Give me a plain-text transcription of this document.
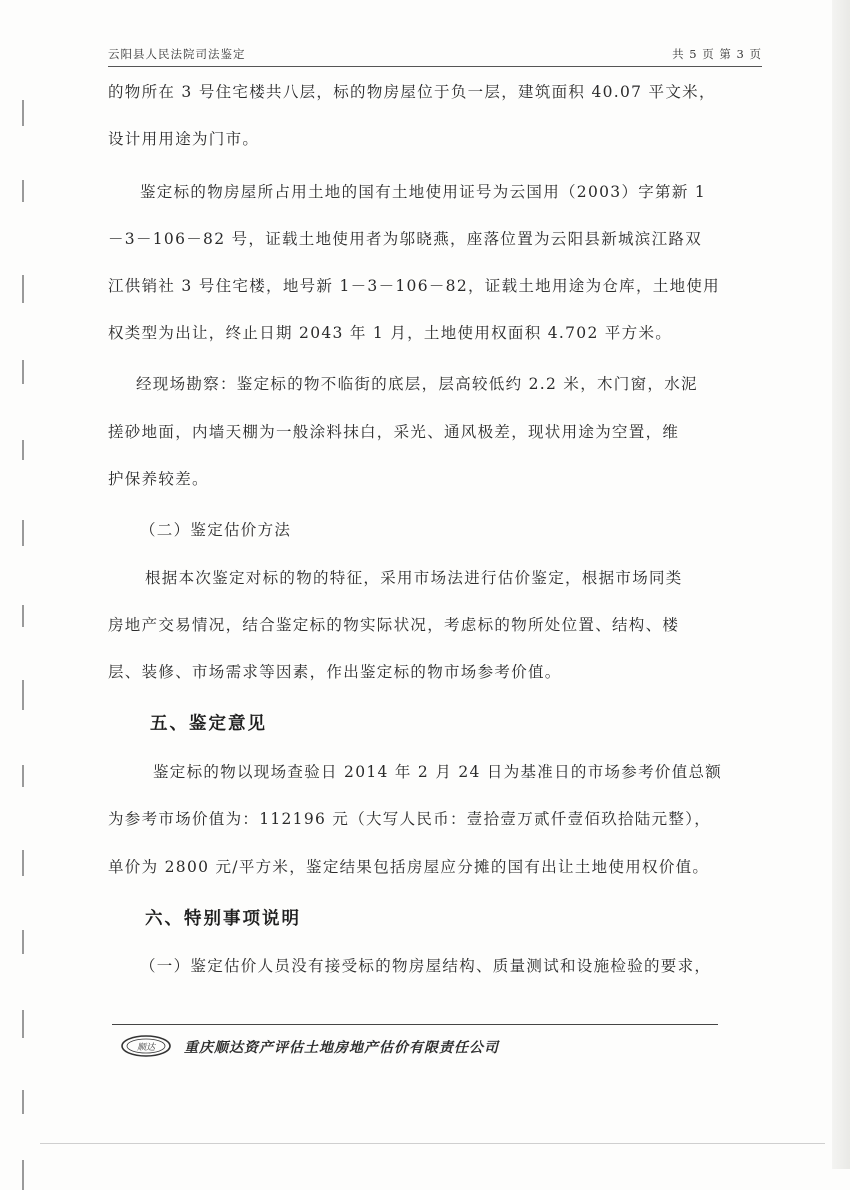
云阳县人民法院司法鉴定	共 5 页 第 3 页
的物所在 3 号住宅楼共八层，标的物房屋位于负一层，建筑面积 40.07 平文米，
设计用用途为门市。
鉴定标的物房屋所占用土地的国有土地使用证号为云国用（2003）字第新 1
－3－106－82 号，证载土地使用者为邬晓燕，座落位置为云阳县新城滨江路双
江供销社 3 号住宅楼，地号新 1－3－106－82，证载土地用途为仓库，土地使用
权类型为出让，终止日期 2043 年 1 月，土地使用权面积 4.702 平方米。
经现场勘察：鉴定标的物不临街的底层，层高较低约 2.2 米，木门窗，水泥
搓砂地面，内墙天棚为一般涂料抹白，采光、通风极差，现状用途为空置，维
护保养较差。
（二）鉴定估价方法
根据本次鉴定对标的物的特征，采用市场法进行估价鉴定，根据市场同类
房地产交易情况，结合鉴定标的物实际状况，考虑标的物所处位置、结构、楼
层、装修、市场需求等因素，作出鉴定标的物市场参考价值。
五、鉴定意见
鉴定标的物以现场查验日 2014 年 2 月 24 日为基准日的市场参考价值总额
为参考市场价值为：112196 元（大写人民币：壹拾壹万贰仟壹佰玖拾陆元整），
单价为 2800 元/平方米，鉴定结果包括房屋应分摊的国有出让土地使用权价值。
六、特别事项说明
（一）鉴定估价人员没有接受标的物房屋结构、质量测试和设施检验的要求，
顺达 重庆顺达资产评估土地房地产估价有限责任公司
